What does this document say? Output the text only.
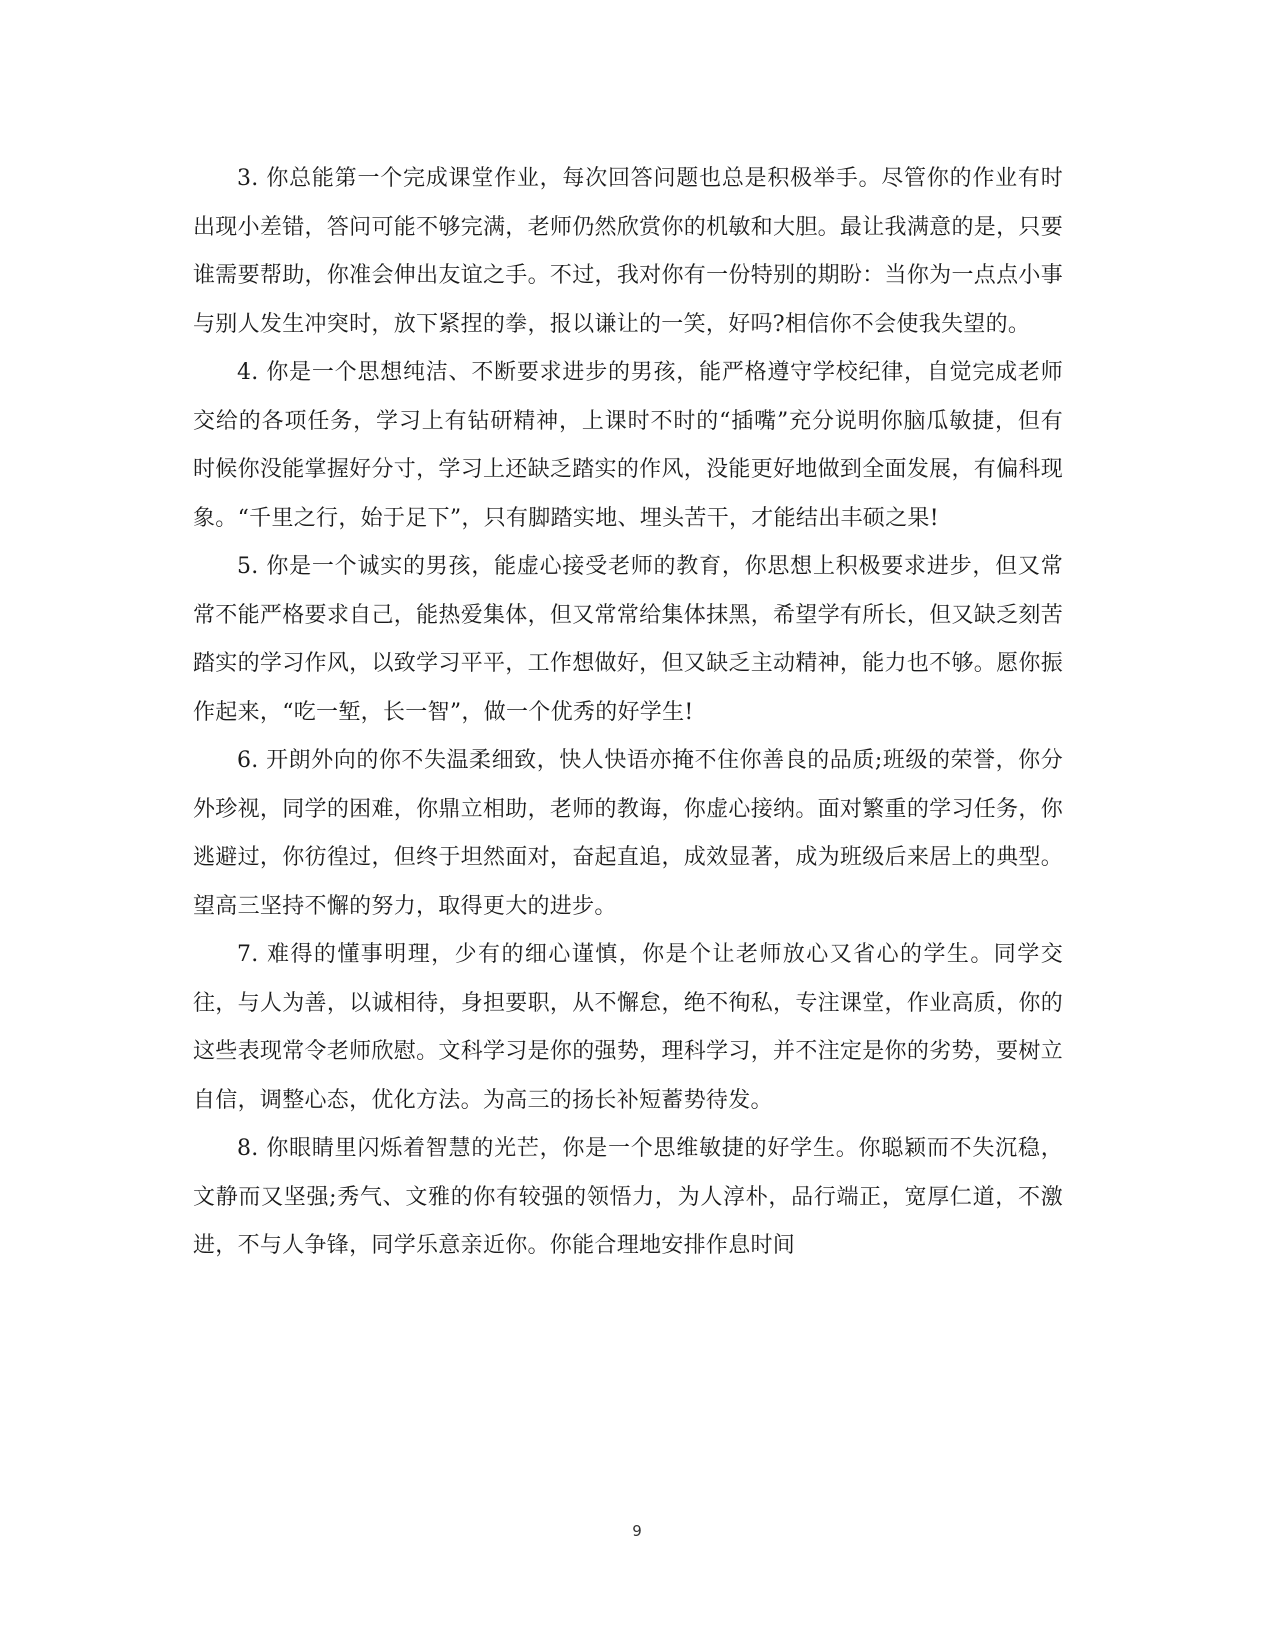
3. 你总能第一个完成课堂作业，每次回答问题也总是积极举手。尽管你的作业有时出现小差错，答问可能不够完满，老师仍然欣赏你的机敏和大胆。最让我满意的是，只要谁需要帮助，你准会伸出友谊之手。不过，我对你有一份特别的期盼：当你为一点点小事与别人发生冲突时，放下紧捏的拳，报以谦让的一笑，好吗?相信你不会使我失望的。

4. 你是一个思想纯洁、不断要求进步的男孩，能严格遵守学校纪律，自觉完成老师交给的各项任务，学习上有钻研精神，上课时不时的“插嘴”充分说明你脑瓜敏捷，但有时候你没能掌握好分寸，学习上还缺乏踏实的作风，没能更好地做到全面发展，有偏科现象。“千里之行，始于足下”，只有脚踏实地、埋头苦干，才能结出丰硕之果!

5. 你是一个诚实的男孩，能虚心接受老师的教育，你思想上积极要求进步，但又常常不能严格要求自己，能热爱集体，但又常常给集体抹黑，希望学有所长，但又缺乏刻苦踏实的学习作风，以致学习平平，工作想做好，但又缺乏主动精神，能力也不够。愿你振作起来，“吃一堑，长一智”，做一个优秀的好学生!

6. 开朗外向的你不失温柔细致，快人快语亦掩不住你善良的品质;班级的荣誉，你分外珍视，同学的困难，你鼎立相助，老师的教诲，你虚心接纳。面对繁重的学习任务，你逃避过，你彷徨过，但终于坦然面对，奋起直追，成效显著，成为班级后来居上的典型。望高三坚持不懈的努力，取得更大的进步。

7. 难得的懂事明理，少有的细心谨慎，你是个让老师放心又省心的学生。同学交往，与人为善，以诚相待，身担要职，从不懈怠，绝不徇私，专注课堂，作业高质，你的这些表现常令老师欣慰。文科学习是你的强势，理科学习，并不注定是你的劣势，要树立自信，调整心态，优化方法。为高三的扬长补短蓄势待发。

8. 你眼睛里闪烁着智慧的光芒，你是一个思维敏捷的好学生。你聪颖而不失沉稳，文静而又坚强;秀气、文雅的你有较强的领悟力，为人淳朴，品行端正，宽厚仁道，不激进，不与人争锋，同学乐意亲近你。你能合理地安排作息时间

9
